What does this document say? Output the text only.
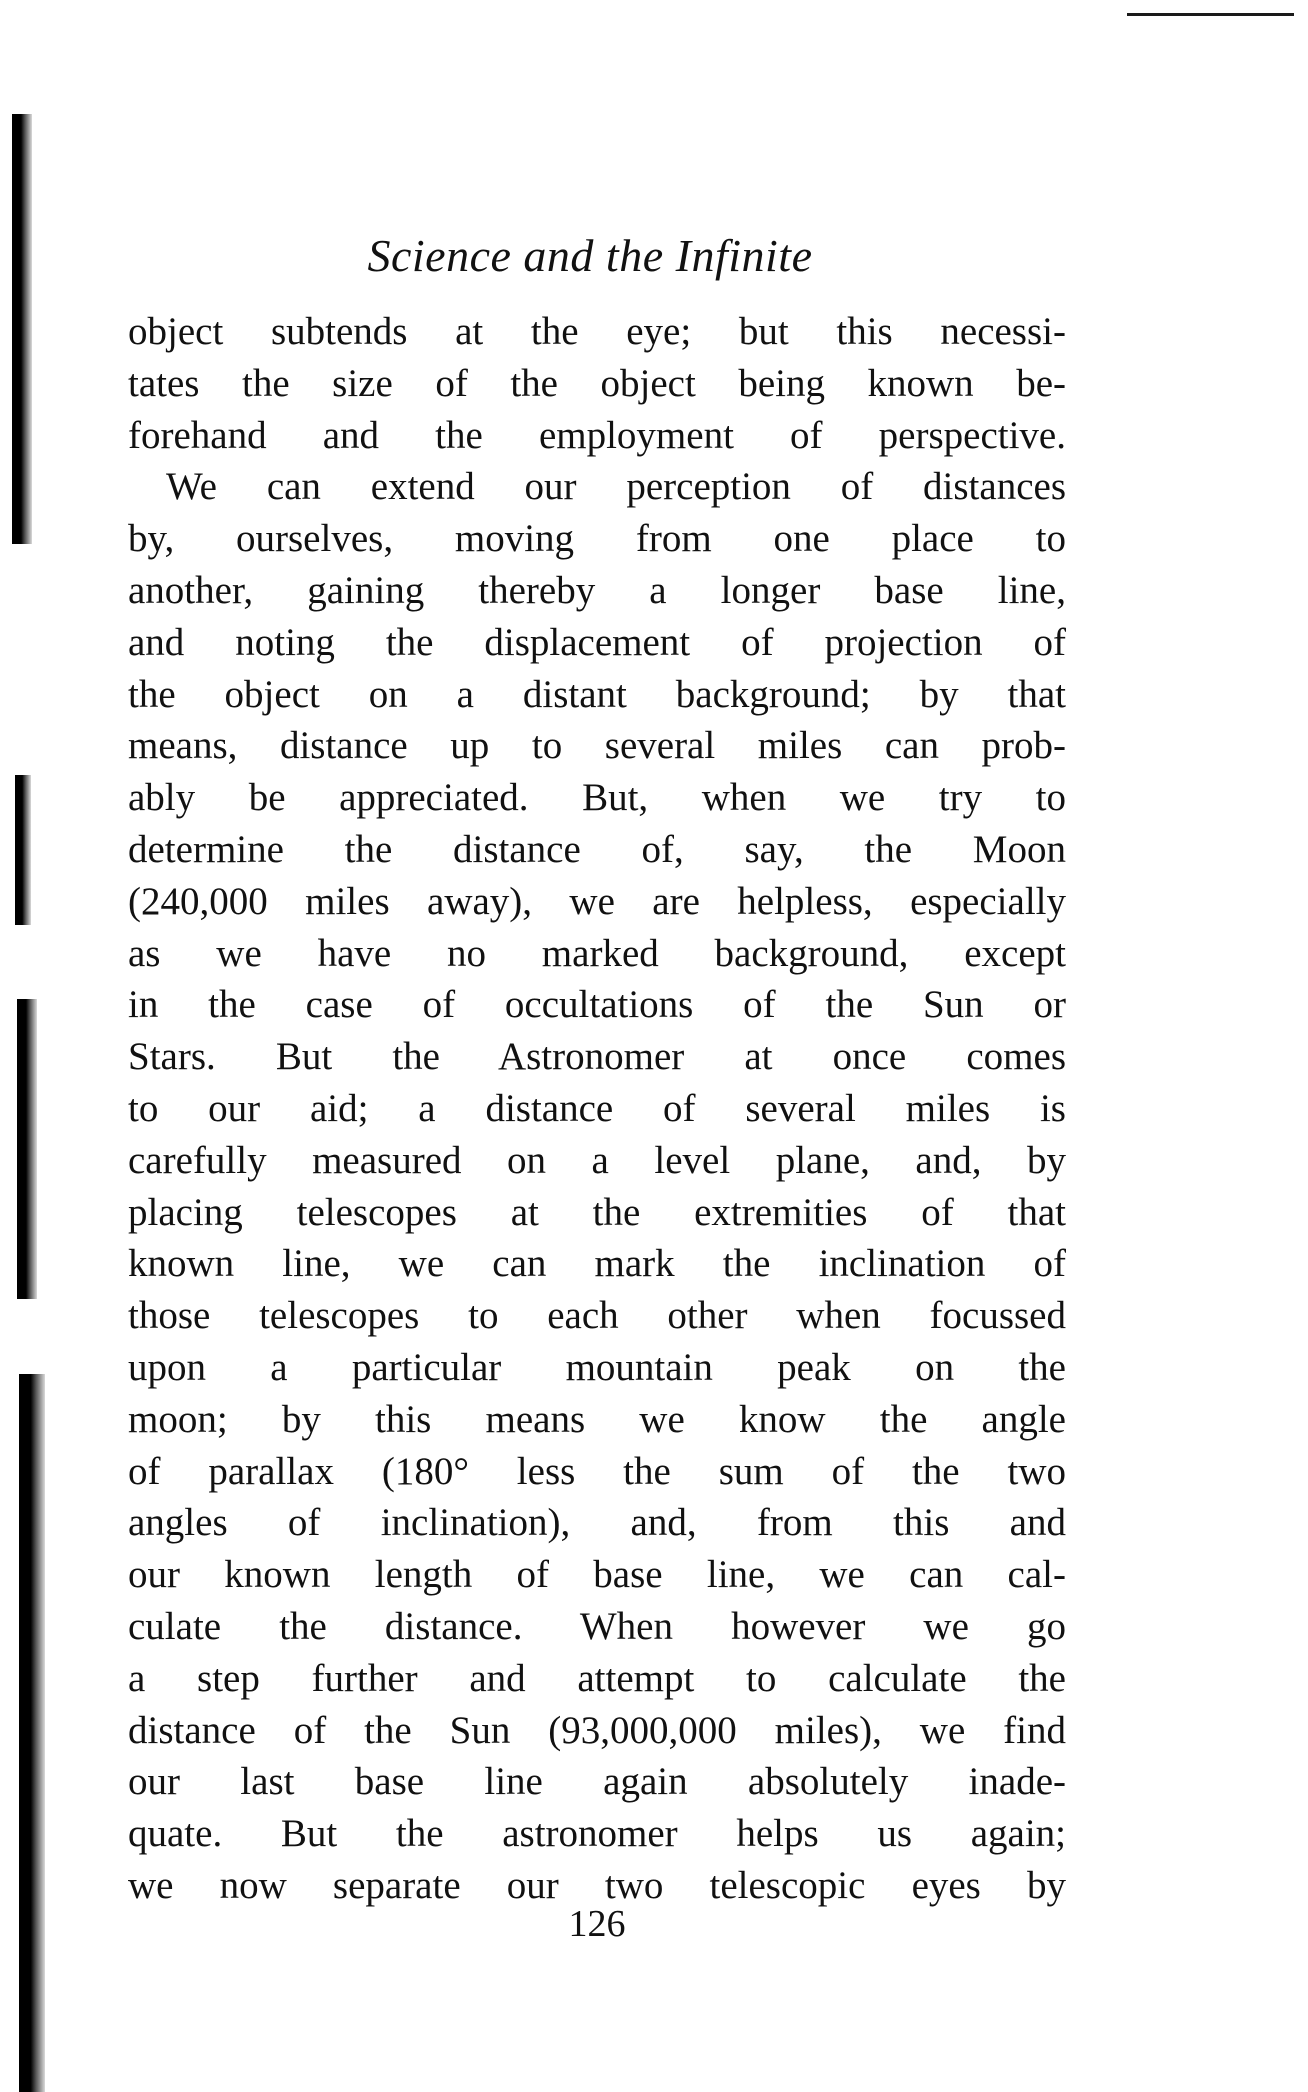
Science and the Infinite
object subtends at the eye; but this necessi-
tates the size of the object being known be-
forehand and the employment of perspective.
We can extend our perception of distances
by, ourselves, moving from one place to
another, gaining thereby a longer base line,
and noting the displacement of projection of
the object on a distant background; by that
means, distance up to several miles can prob-
ably be appreciated. But, when we try to
determine the distance of, say, the Moon
(240,000 miles away), we are helpless, especially
as we have no marked background, except
in the case of occultations of the Sun or
Stars. But the Astronomer at once comes
to our aid; a distance of several miles is
carefully measured on a level plane, and, by
placing telescopes at the extremities of that
known line, we can mark the inclination of
those telescopes to each other when focussed
upon a particular mountain peak on the
moon; by this means we know the angle
of parallax (180° less the sum of the two
angles of inclination), and, from this and
our known length of base line, we can cal-
culate the distance. When however we go
a step further and attempt to calculate the
distance of the Sun (93,000,000 miles), we find
our last base line again absolutely inade-
quate. But the astronomer helps us again;
we now separate our two telescopic eyes by
126
